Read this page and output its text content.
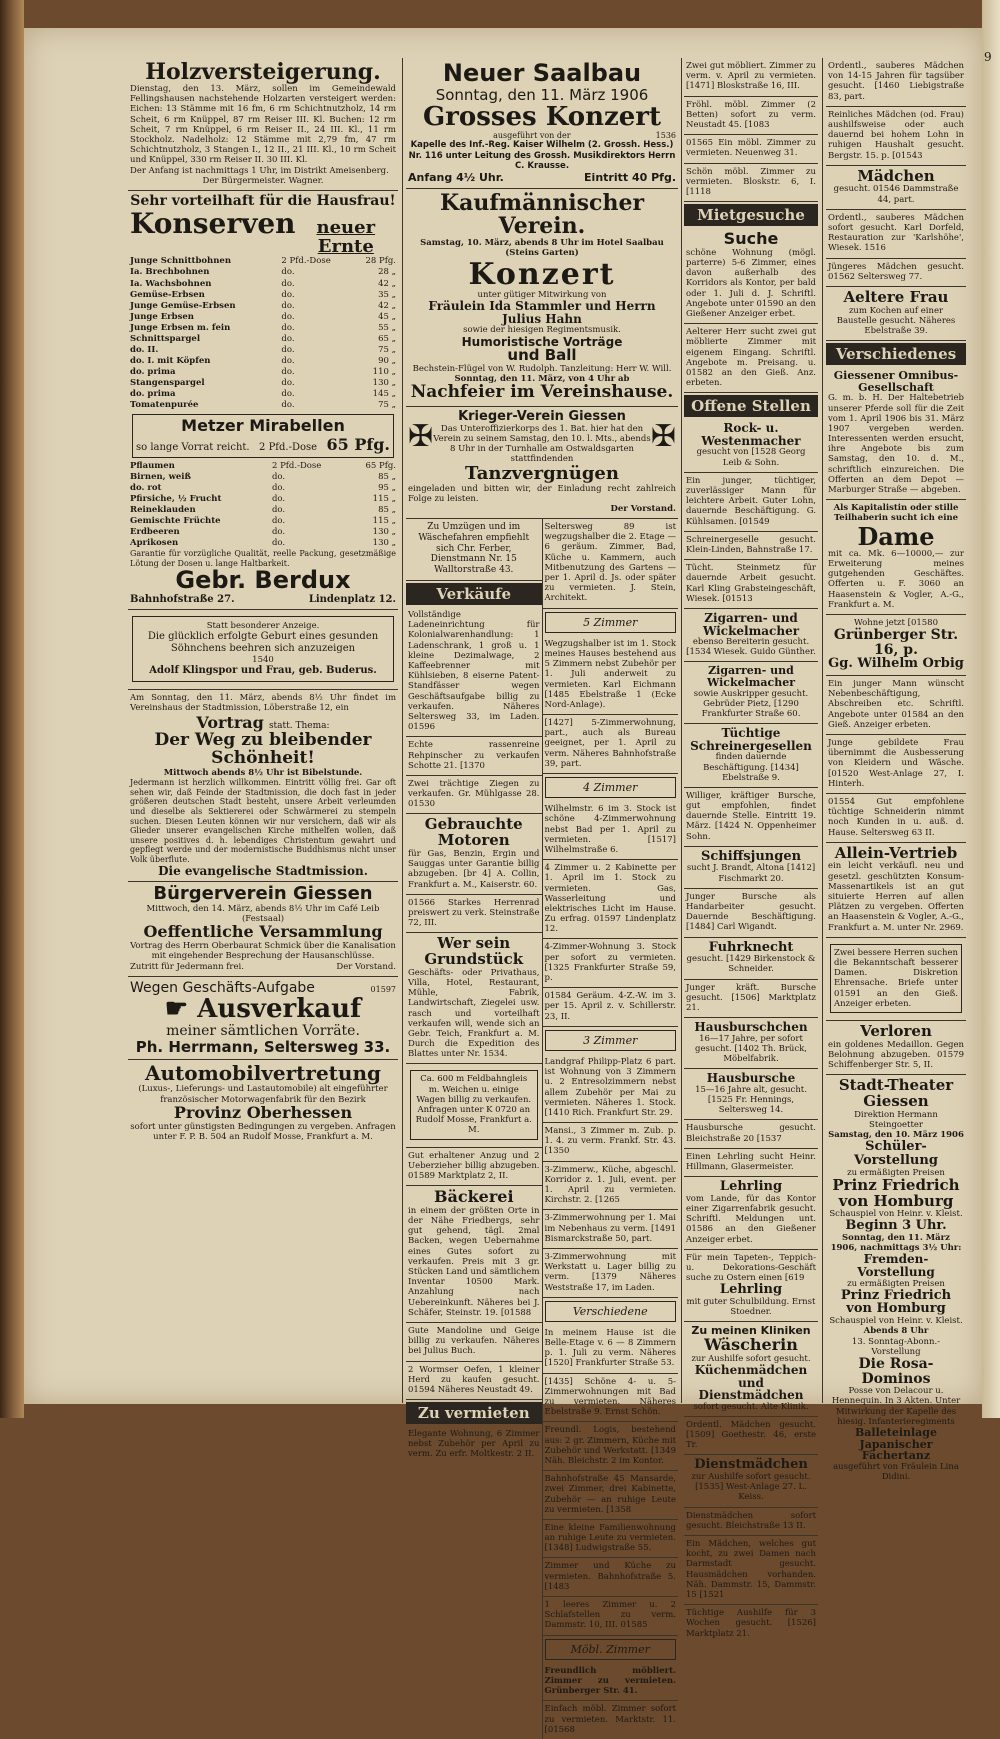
9
Holzversteigerung.
Dienstag, den 13. März, sollen im Gemeindewald Fellingshausen nachstehende Holzarten versteigert werden: Eichen: 13 Stämme mit 16 fm, 6 rm Schichtnutzholz, 14 rm Scheit, 6 rm Knüppel, 87 rm Reiser III. Kl. Buchen: 12 rm Scheit, 7 rm Knüppel, 6 rm Reiser II., 24 III. Kl., 11 rm Stockholz. Nadelholz: 12 Stämme mit 2,79 fm, 47 rm Schichtnutzholz, 3 Stangen I., 12 II., 21 III. Kl., 10 rm Scheit und Knüppel, 330 rm Reiser II. 30 III. Kl.
Der Anfang ist nachmittags 1 Uhr, im Distrikt Ameisenberg.
Der Bürgermeister. Wagner.
Sehr vorteilhaft für die Hausfrau!
Konserven	neuer Ernte
Junge Schnittbohnen	2 Pfd.-Dose	28 Pfg.
Ia. Brechbohnen	do.	28 „
Ia. Wachsbohnen	do.	42 „
Gemüse-Erbsen	do.	35 „
Junge Gemüse-Erbsen	do.	42 „
Junge Erbsen	do.	45 „
Junge Erbsen m. fein	do.	55 „
Schnittspargel	do.	65 „
do. II.	do.	75 „
do. I. mit Köpfen	do.	90 „
do. prima	do.	110 „
Stangenspargel	do.	130 „
do. prima	do.	145 „
Tomatenpurée	do.	75 „
Metzer Mirabellen
so lange Vorrat reicht. 2 Pfd.-Dose 65 Pfg.
Pflaumen	2 Pfd.-Dose	65 Pfg.
Birnen, weiß	do.	85 „
do. rot	do.	95 „
Pfirsiche, ½ Frucht	do.	115 „
Reineklauden	do.	85 „
Gemischte Früchte	do.	115 „
Erdbeeren	do.	130 „
Aprikosen	do.	130 „
Garantie für vorzügliche Qualität, reelle Packung, gesetzmäßige Lötung der Dosen u. lange Haltbarkeit.
Gebr. Berdux
Bahnhofstraße 27.	Lindenplatz 12.
Statt besonderer Anzeige.
Die glücklich erfolgte Geburt eines gesunden Söhnchens beehren sich anzuzeigen
1540
Adolf Klingspor und Frau, geb. Buderus.
Am Sonntag, den 11. März, abends 8½ Uhr findet im Vereinshaus der Stadtmission, Löberstraße 12, ein
Vortrag statt. Thema:
Der Weg zu bleibender Schönheit!
Mittwoch abends 8½ Uhr ist Bibelstunde.
Jedermann ist herzlich willkommen. Eintritt völlig frei. Gar oft sehen wir, daß Feinde der Stadtmission, die doch fast in jeder größeren deutschen Stadt besteht, unsere Arbeit verleumden und dieselbe als Sektiererei oder Schwärmerei zu stempeln suchen. Diesen Leuten können wir nur versichern, daß wir als Glieder unserer evangelischen Kirche mithelfen wollen, daß unsere positives d. h. lebendiges Christentum gewahrt und gepflegt werde und der modernistische Buddhismus nicht unser Volk überflute.
Die evangelische Stadtmission.
Bürgerverein Giessen
Mittwoch, den 14. März, abends 8½ Uhr im Café Leib (Festsaal)
Oeffentliche Versammlung
Vortrag des Herrn Oberbaurat Schmick über die Kanalisation mit eingehender Besprechung der Hausanschlüsse.
Zutritt für Jedermann frei.	Der Vorstand.
Wegen Geschäfts-Aufgabe	01597
☛ Ausverkauf
meiner sämtlichen Vorräte.
Ph. Herrmann, Seltersweg 33.
Automobilvertretung
(Luxus-, Lieferungs- und Lastautomobile) alt eingeführter französischer Motorwagenfabrik für den Bezirk
Provinz Oberhessen
sofort unter günstigsten Bedingungen zu vergeben. Anfragen unter F. P. B. 504 an Rudolf Mosse, Frankfurt a. M.
Neuer Saalbau
Sonntag, den 11. März 1906
Grosses Konzert
ausgeführt von der	1536
Kapelle des Inf.-Reg. Kaiser Wilhelm (2. Grossh. Hess.) Nr. 116 unter Leitung des Grossh. Musikdirektors Herrn C. Krausse.
Anfang 4½ Uhr.	Eintritt 40 Pfg.
Kaufmännischer Verein.
Samstag, 10. März, abends 8 Uhr im Hotel Saalbau (Steins Garten)
Konzert
unter gütiger Mitwirkung von
Fräulein Ida Stammler und Herrn Julius Hahn
sowie der hiesigen Regimentsmusik.
Humoristische Vorträge
und Ball
Bechstein-Flügel von W. Rudolph. Tanzleitung: Herr W. Will.
Sonntag, den 11. März, von 4 Uhr ab
Nachfeier im Vereinshause.
✠
Krieger-Verein Giessen
Das Unteroffizierkorps des 1. Bat. hier hat den Verein zu seinem Samstag, den 10. l. Mts., abends 8 Uhr in der Turnhalle am Ostwaldsgarten stattfindenden
✠
Tanzvergnügen
eingeladen und bitten wir, der Einladung recht zahlreich Folge zu leisten.
Der Vorstand.
Zu Umzügen und im Wäschefahren empfiehlt sich Chr. Ferber, Dienstmann Nr. 15 Walltorstraße 43.
Verkäufe
Vollständige Ladeneinrichtung für Kolonialwarenhandlung: 1 Ladenschrank, 1 groß u. 1 kleine Dezimalwage, 2 Kaffeebrenner mit Kühlsieben, 8 eiserne Patent-Standfässer wegen Geschäftsaufgabe billig zu verkaufen. Näheres Seltersweg 33, im Laden. 01596
Echte rassenreine Rehpinscher zu verkaufen Schotte 21. [1370
Zwei trächtige Ziegen zu verkaufen. Gr. Mühlgasse 28. 01530
Gebrauchte Motoren
für Gas, Benzin, Ergin und Sauggas unter Garantie billig abzugeben. [br 4] A. Collin, Frankfurt a. M., Kaiserstr. 60.
01566 Starkes Herrenrad preiswert zu verk. Steinstraße 72, III.
Wer sein Grundstück
Geschäfts- oder Privathaus, Villa, Hotel, Restaurant, Mühle, Fabrik, Landwirtschaft, Ziegelei usw. rasch und vorteilhaft verkaufen will, wende sich an Gebr. Teich, Frankfurt a. M. Durch die Expedition des Blattes unter Nr. 1534.
Ca. 600 m Feldbahngleis m. Weichen u. einige Wagen billig zu verkaufen. Anfragen unter K 0720 an Rudolf Mosse, Frankfurt a. M.
Gut erhaltener Anzug und 2 Ueberzieher billig abzugeben. 01589 Marktplatz 2, II.
Bäckerei
in einem der größten Orte in der Nähe Friedbergs, sehr gut gehend, tägl. 2mal Backen, wegen Uebernahme eines Gutes sofort zu verkaufen. Preis mit 3 gr. Stücken Land und sämtlichem Inventar 10500 Mark. Anzahlung nach Uebereinkunft. Näheres bei J. Schäfer, Steinstr. 19. [01588
Gute Mandoline und Geige billig zu verkaufen. Näheres bei Julius Buch.
2 Wormser Oefen, 1 kleiner Herd zu kaufen gesucht. 01594 Näheres Neustadt 49.
Zu vermieten
Elegante Wohnung, 6 Zimmer nebst Zubehör per April zu verm. Zu erfr. Moltkestr. 2 II.
Seltersweg 89 ist wegzugshalber die 2. Etage — 6 geräum. Zimmer, Bad, Küche u. Kammern, auch Mitbenutzung des Gartens — per 1. April d. Js. oder später zu vermieten. J. Stein, Architekt.
5 Zimmer
Wegzugshalber ist im 1. Stock meines Hauses bestehend aus 5 Zimmern nebst Zubehör per 1. Juli anderweit zu vermieten. Karl Eichmann [1485 Ebelstraße 1 (Ecke Nord-Anlage).
[1427] 5-Zimmerwohnung, part., auch als Bureau geeignet, per 1. April zu verm. Näheres Bahnhofstraße 39, part.
4 Zimmer
Wilhelmstr. 6 im 3. Stock ist schöne 4-Zimmerwohnung nebst Bad per 1. April zu vermieten. [1517] Wilhelmstraße 6.
4 Zimmer u. 2 Kabinette per 1. April im 1. Stock zu vermieten. Gas, Wasserleitung und elektrisches Licht im Hause. Zu erfrag. 01597 Lindenplatz 12.
4-Zimmer-Wohnung 3. Stock per sofort zu vermieten. [1325 Frankfurter Straße 59, p.
01584 Geräum. 4-Z.-W. im 3. per 15. April z. v. Schillerstr. 23, II.
3 Zimmer
Landgraf Philipp-Platz 6 part. ist Wohnung von 3 Zimmern u. 2 Entresolzimmern nebst allem Zubehör per Mai zu vermieten. Näheres 1. Stock. [1410 Rich. Frankfurt Str. 29.
Mansi., 3 Zimmer m. Zub. p. 1. 4. zu verm. Frankf. Str. 43. [1350
3-Zimmerw., Küche, abgeschl. Korridor z. 1. Juli, event. per 1. April zu vermieten. Kirchstr. 2. [1265
3-Zimmerwohnung per 1. Mai im Nebenhaus zu verm. [1491 Bismarckstraße 50, part.
3-Zimmerwohnung mit Werkstatt u. Lager billig zu verm. [1379 Näheres Weststraße 17, im Laden.
Verschiedene
In meinem Hause ist die Belle-Etage v. 6 — 8 Zimmern p. 1. Juli zu verm. Näheres [1520] Frankfurter Straße 53.
[1435] Schöne 4- u. 5-Zimmerwohnungen mit Bad zu vermieten. Näheres Ebelstraße 9. Ernst Schön.
Freundl. Logis, bestehend aus: 2 gr. Zimmern, Küche mit Zubehör und Werkstatt. [1349 Näh. Bleichstr. 2 im Kontor.
Bahnhofstraße 45 Mansarde, zwei Zimmer, drei Kabinette, Zubehör — an ruhige Leute zu vermieten. [1358
Eine kleine Familienwohnung an ruhige Leute zu vermieten. [1348] Ludwigstraße 55.
Zimmer und Küche zu vermieten. Bahnhofstraße 5. [1483
1 leeres Zimmer u. 2 Schlafstellen zu verm. Dammstr. 10, III. 01585
Möbl. Zimmer
Freundlich möbliert. Zimmer zu vermieten. Grünberger Str. 41.
Einfach möbl. Zimmer sofort zu vermieten. Marktstr. 11. [01568
Zwei gut möbliert. Zimmer zu verm. v. April zu vermieten. [1471] Bloskstraße 16, III.
Fröhl. möbl. Zimmer (2 Betten) sofort zu verm. Neustadt 45. [1083
01565 Ein möbl. Zimmer zu vermieten. Neuenweg 31.
Schön möbl. Zimmer zu vermieten. Bloskstr. 6, I. [1118
Mietgesuche
Suche
schöne Wohnung (mögl. parterre) 5-6 Zimmer, eines davon außerhalb des Korridors als Kontor, per bald oder 1. Juli d. J. Schriftl. Angebote unter 01590 an den Gießener Anzeiger erbet.
Aelterer Herr sucht zwei gut möblierte Zimmer mit eigenem Eingang. Schriftl. Angebote m. Preisang. u. 01582 an den Gieß. Anz. erbeten.
Offene Stellen
Rock- u. Westenmacher
gesucht von [1528 Georg Leib & Sohn.
Ein junger, tüchtiger, zuverlässiger Mann für leichtere Arbeit. Guter Lohn, dauernde Beschäftigung. G. Kühlsamen. [01549
Schreinergeselle gesucht. Klein-Linden, Bahnstraße 17.
Tücht. Steinmetz für dauernde Arbeit gesucht. Karl Kling Grabsteingeschäft, Wiesek. [01513
Zigarren- und Wickelmacher
ebenso Bereiterin gesucht. [1534 Wiesek. Guido Günther.
Zigarren- und Wickelmacher
sowie Auskripper gesucht. Gebrüder Pietz, [1290 Frankfurter Straße 60.
Tüchtige Schreinergesellen
finden dauernde Beschäftigung. [1434] Ebelstraße 9.
Williger, kräftiger Bursche, gut empfohlen, findet dauernde Stelle. Eintritt 19. März. [1424 N. Oppenheimer Sohn.
Schiffsjungen
sucht J. Brandt, Altona [1412] Fischmarkt 20.
Junger Bursche als Handarbeiter gesucht. Dauernde Beschäftigung. [1484] Carl Wigandt.
Fuhrknecht
gesucht. [1429 Birkenstock & Schneider.
Junger kräft. Bursche gesucht. [1506] Marktplatz 21.
Hausburschchen
16—17 Jahre, per sofort gesucht. [1402 Th. Brück, Möbelfabrik.
Hausbursche
15—16 Jahre alt, gesucht. [1525 Fr. Hennings, Seltersweg 14.
Hausbursche gesucht. Bleichstraße 20 [1537
Einen Lehrling sucht Heinr. Hillmann, Glasermeister.
Lehrling
vom Lande, für das Kontor einer Zigarrenfabrik gesucht. Schriftl. Meldungen unt. 01586 an den Gießener Anzeiger erbet.
Für mein Tapeten-, Teppich- u. Dekorations-Geschäft suche zu Ostern einen [619
Lehrling
mit guter Schulbildung. Ernst Stoedner.
Zu meinen Kliniken
Wäscherin
zur Aushilfe sofort gesucht.
Küchenmädchen und Dienstmädchen
sofort gesucht. Alte Klinik.
Ordentl. Mädchen gesucht. [1509] Goethestr. 46, erste Tr.
Dienstmädchen
zur Aushilfe sofort gesucht. [1535] West-Anlage 27. L. Keiss.
Dienstmädchen sofort gesucht. Bleichstraße 13 II.
Ein Mädchen, welches gut kocht, zu zwei Damen nach Darmstadt gesucht. Hausmädchen vorhanden. Näh. Dammstr. 15, Dammstr. 15 [1521
Tüchtige Aushilfe für 3 Wochen gesucht. [1526] Marktplatz 21.
Ordentl., sauberes Mädchen von 14-15 Jahren für tagsüber gesucht. [1460 Liebigstraße 83, part.
Reinliches Mädchen (od. Frau) aushilfsweise oder auch dauernd bei hohem Lohn in ruhigen Haushalt gesucht. Bergstr. 15. p. [01543
Mädchen
gesucht. 01546 Dammstraße 44, part.
Ordentl., sauberes Mädchen sofort gesucht. Karl Dorfeld, Restauration zur 'Karlshöhe', Wiesek. 1516
Jüngeres Mädchen gesucht. 01562 Seltersweg 77.
Aeltere Frau
zum Kochen auf einer Baustelle gesucht. Näheres Ebelstraße 39.
Verschiedenes
Giessener Omnibus-Gesellschaft
G. m. b. H. Der Haltebetrieb unserer Pferde soll für die Zeit vom 1. April 1906 bis 31. März 1907 vergeben werden. Interessenten werden ersucht, ihre Angebote bis zum Samstag, den 10. d. M., schriftlich einzureichen. Die Offerten an dem Depot — Marburger Straße — abgeben.
Als Kapitalistin oder stille Teilhaberin sucht ich eine
Dame
mit ca. Mk. 6—10000,— zur Erweiterung meines gutgehenden Geschäftes. Offerten u. F. 3060 an Haasenstein & Vogler, A.-G., Frankfurt a. M.
Wohne jetzt [01580
Grünberger Str. 16, p.
Gg. Wilhelm Orbig
Ein junger Mann wünscht Nebenbeschäftigung, Abschreiben etc. Schriftl. Angebote unter 01584 an den Gieß. Anzeiger erbeten.
Junge gebildete Frau übernimmt die Ausbesserung von Kleidern und Wäsche. [01520 West-Anlage 27, I. Hinterh.
01554 Gut empfohlene tüchtige Schneiderin nimmt noch Kunden in u. auß. d. Hause. Seltersweg 63 II.
Allein-Vertrieb
ein leicht verkäufl. neu und gesetzl. geschützten Konsum-Massenartikels ist an gut situierte Herren auf allen Plätzen zu vergeben. Offerten an Haasenstein & Vogler, A.-G., Frankfurt a. M. unter Nr. 2969.
Zwei bessere Herren suchen die Bekanntschaft besserer Damen. Diskretion Ehrensache. Briefe unter 01591 an den Gieß. Anzeiger erbeten.
Verloren
ein goldenes Medaillon. Gegen Belohnung abzugeben. 01579 Schiffenberger Str. 5, II.
Stadt-Theater Giessen
Direktion Hermann Steingoetter
Samstag, den 10. März 1906
Schüler-Vorstellung
zu ermäßigten Preisen
Prinz Friedrich von Homburg
Schauspiel von Heinr. v. Kleist.
Beginn 3 Uhr.
Sonntag, den 11. März 1906, nachmittags 3½ Uhr:
Fremden-Vorstellung
zu ermäßigten Preisen
Prinz Friedrich von Homburg
Schauspiel von Heinr. v. Kleist.
Abends 8 Uhr
13. Sonntag-Abonn.-Vorstellung
Die Rosa-Dominos
Posse von Delacour u. Hennequin. In 3 Akten. Unter Mitwirkung der Kapelle des hiesig. Infanterieregiments
Balleteinlage
Japanischer Fächertanz
ausgeführt von Fräulein Lina Didini.
